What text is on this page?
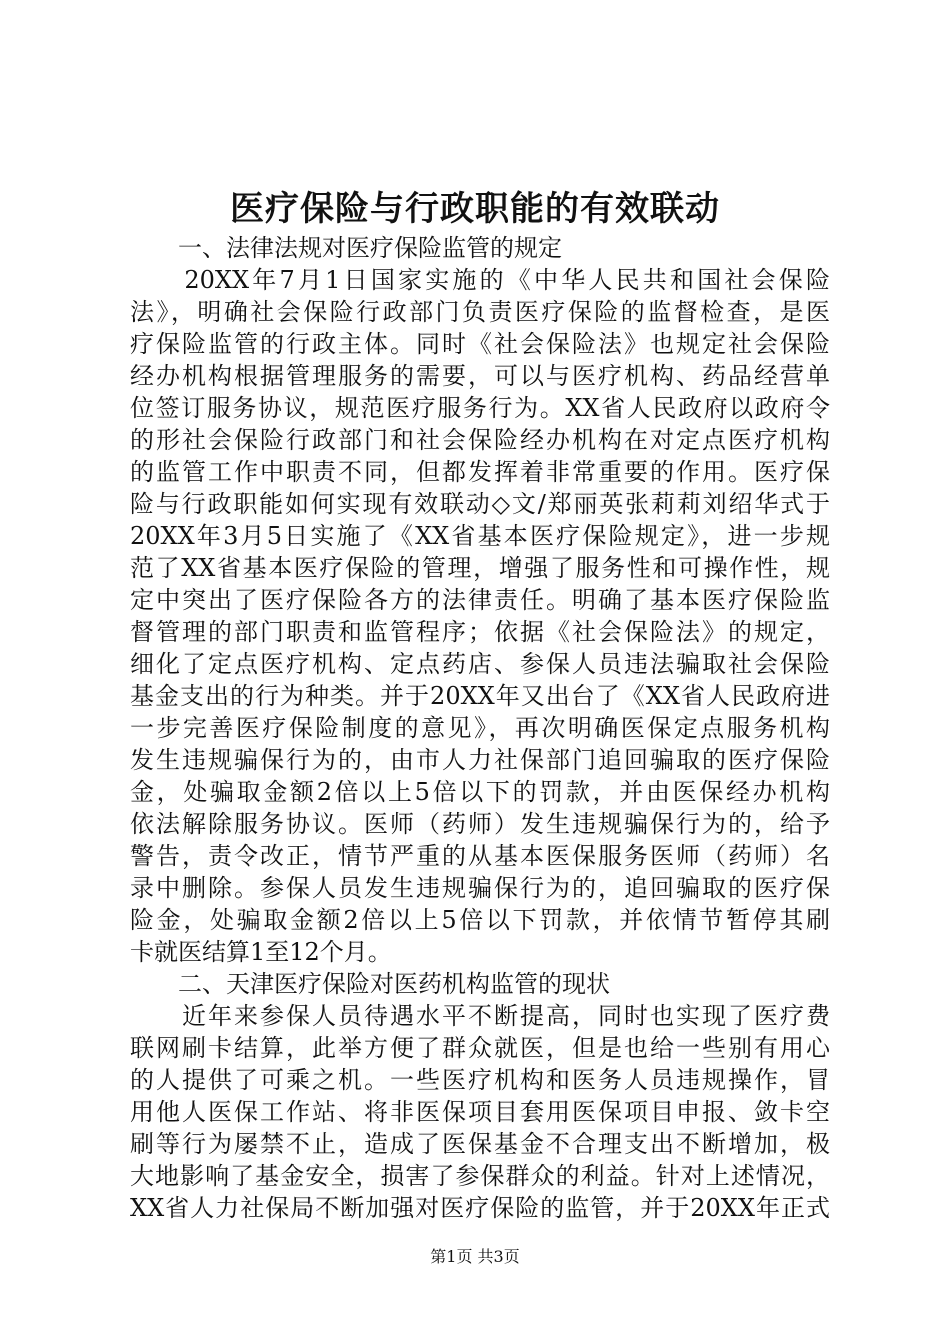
医疗保险与行政职能的有效联动
　　一、法律法规对医疗保险监管的规定
　　20XX年7月1日国家实施的《中华人民共和国社会保险
法》，明确社会保险行政部门负责医疗保险的监督检查，是医
疗保险监管的行政主体。同时《社会保险法》也规定社会保险
经办机构根据管理服务的需要，可以与医疗机构、药品经营单
位签订服务协议，规范医疗服务行为。XX省人民政府以政府令
的形社会保险行政部门和社会保险经办机构在对定点医疗机构
的监管工作中职责不同，但都发挥着非常重要的作用。医疗保
险与行政职能如何实现有效联动◇文/郑丽英张莉莉刘绍华式于
20XX年3月5日实施了《XX省基本医疗保险规定》，进一步规
范了XX省基本医疗保险的管理，增强了服务性和可操作性，规
定中突出了医疗保险各方的法律责任。明确了基本医疗保险监
督管理的部门职责和监管程序；依据《社会保险法》的规定，
细化了定点医疗机构、定点药店、参保人员违法骗取社会保险
基金支出的行为种类。并于20XX年又出台了《XX省人民政府进
一步完善医疗保险制度的意见》，再次明确医保定点服务机构
发生违规骗保行为的，由市人力社保部门追回骗取的医疗保险
金，处骗取金额2倍以上5倍以下的罚款，并由医保经办机构
依法解除服务协议。医师（药师）发生违规骗保行为的，给予
警告，责令改正，情节严重的从基本医保服务医师（药师）名
录中删除。参保人员发生违规骗保行为的，追回骗取的医疗保
险金，处骗取金额2倍以上5倍以下罚款，并依情节暂停其刷
卡就医结算1至12个月。
　　二、天津医疗保险对医药机构监管的现状
　　近年来参保人员待遇水平不断提高，同时也实现了医疗费
联网刷卡结算，此举方便了群众就医，但是也给一些别有用心
的人提供了可乘之机。一些医疗机构和医务人员违规操作，冒
用他人医保工作站、将非医保项目套用医保项目申报、敛卡空
刷等行为屡禁不止，造成了医保基金不合理支出不断增加，极
大地影响了基金安全，损害了参保群众的利益。针对上述情况，
XX省人力社保局不断加强对医疗保险的监管，并于20XX年正式
第1页 共3页
